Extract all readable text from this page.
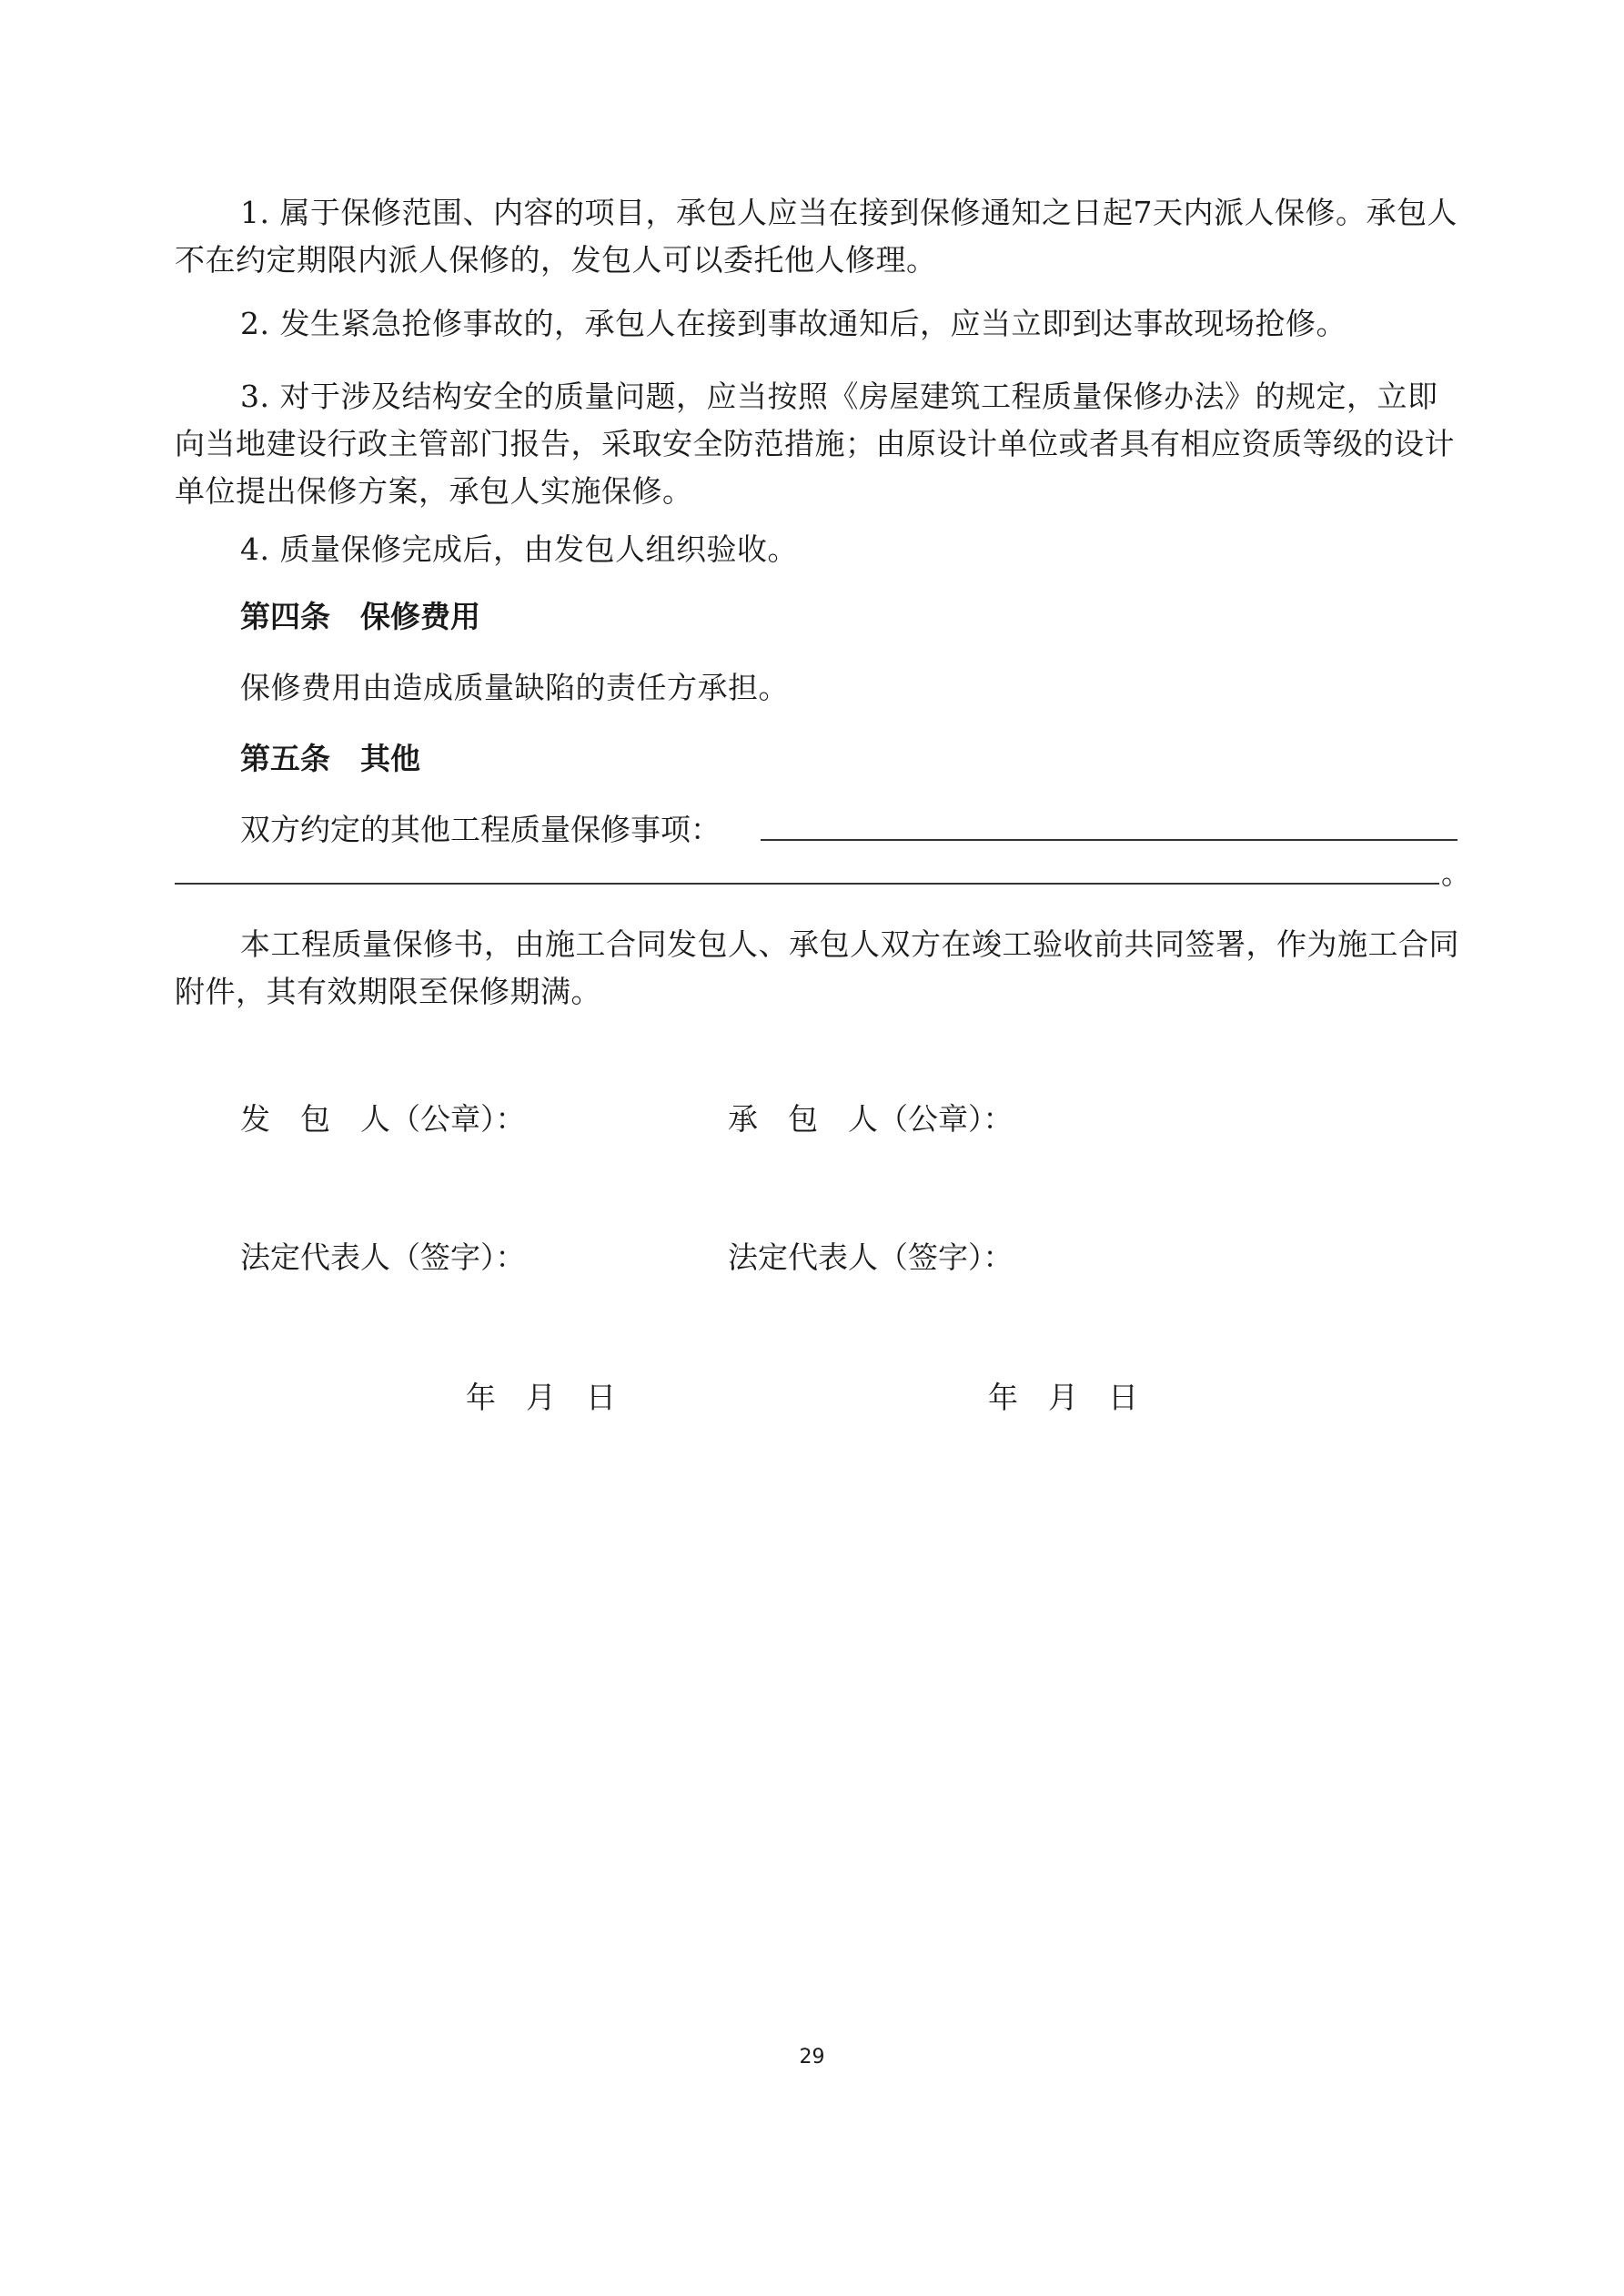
1. 属于保修范围、内容的项目，承包人应当在接到保修通知之日起7天内派人保修。承包人不在约定期限内派人保修的，发包人可以委托他人修理。

2. 发生紧急抢修事故的，承包人在接到事故通知后，应当立即到达事故现场抢修。

3. 对于涉及结构安全的质量问题，应当按照《房屋建筑工程质量保修办法》的规定，立即向当地建设行政主管部门报告，采取安全防范措施；由原设计单位或者具有相应资质等级的设计单位提出保修方案，承包人实施保修。

4. 质量保修完成后，由发包人组织验收。

第四条　保修费用

保修费用由造成质量缺陷的责任方承担。

第五条　其他
双方约定的其他工程质量保修事项：
。

本工程质量保修书，由施工合同发包人、承包人双方在竣工验收前共同签署，作为施工合同附件，其有效期限至保修期满。

发　包　人（公章）：	承　包　人（公章）：
法定代表人（签字）：	法定代表人（签字）：
年　月　日	年　月　日
29
